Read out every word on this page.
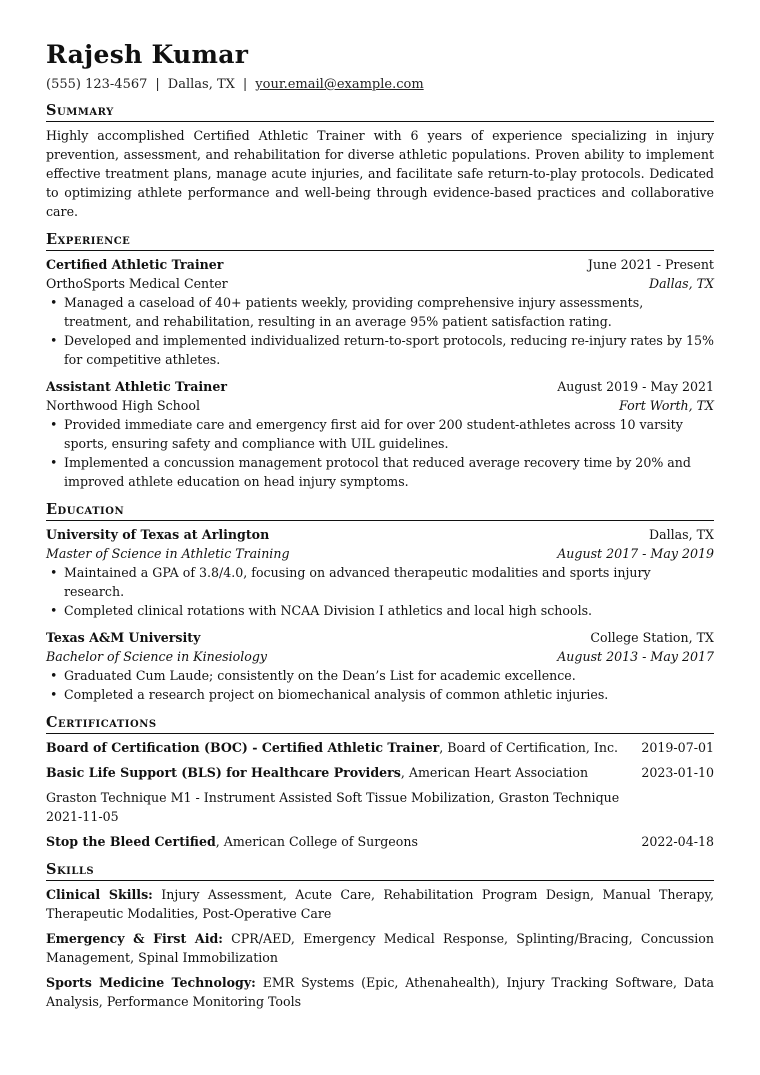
Rajesh Kumar
(555) 123-4567 | Dallas, TX | your.email@example.com
Summary

Highly accomplished Certified Athletic Trainer with 6 years of experience specializing in injury prevention, assessment, and rehabilitation for diverse athletic populations. Proven ability to implement effective treatment plans, manage acute injuries, and facilitate safe return-to-play protocols. Dedicated to optimizing athlete performance and well-being through evidence-based practices and collaborative care.

Experience
Certified Athletic Trainer	June 2021 - Present
OrthoSports Medical Center	Dallas, TX
• Managed a caseload of 40+ patients weekly, providing comprehensive injury assessments, treatment, and rehabilitation, resulting in an average 95% patient satisfaction rating.
• Developed and implemented individualized return-to-sport protocols, reducing re-injury rates by 15% for competitive athletes.
Assistant Athletic Trainer	August 2019 - May 2021
Northwood High School	Fort Worth, TX
• Provided immediate care and emergency first aid for over 200 student-athletes across 10 varsity sports, ensuring safety and compliance with UIL guidelines.
• Implemented a concussion management protocol that reduced average recovery time by 20% and improved athlete education on head injury symptoms.
Education
University of Texas at Arlington	Dallas, TX
Master of Science in Athletic Training	August 2017 - May 2019
• Maintained a GPA of 3.8/4.0, focusing on advanced therapeutic modalities and sports injury research.
• Completed clinical rotations with NCAA Division I athletics and local high schools.
Texas A&M University	College Station, TX
Bachelor of Science in Kinesiology	August 2013 - May 2017
• Graduated Cum Laude; consistently on the Dean’s List for academic excellence.
• Completed a research project on biomechanical analysis of common athletic injuries.
Certifications
Board of Certification (BOC) - Certified Athletic Trainer, Board of Certification, Inc. 2019-07-01
Basic Life Support (BLS) for Healthcare Providers, American Heart Association	2023-01-10
Graston Technique M1 - Instrument Assisted Soft Tissue Mobilization, Graston Technique
2021-11-05
Stop the Bleed Certified, American College of Surgeons	2022-04-18
Skills
Clinical Skills: Injury Assessment, Acute Care, Rehabilitation Program Design, Manual Therapy, Therapeutic Modalities, Post-Operative Care
Emergency & First Aid: CPR/AED, Emergency Medical Response, Splinting/Bracing, Concussion Management, Spinal Immobilization
Sports Medicine Technology: EMR Systems (Epic, Athenahealth), Injury Tracking Software, Data Analysis, Performance Monitoring Tools
